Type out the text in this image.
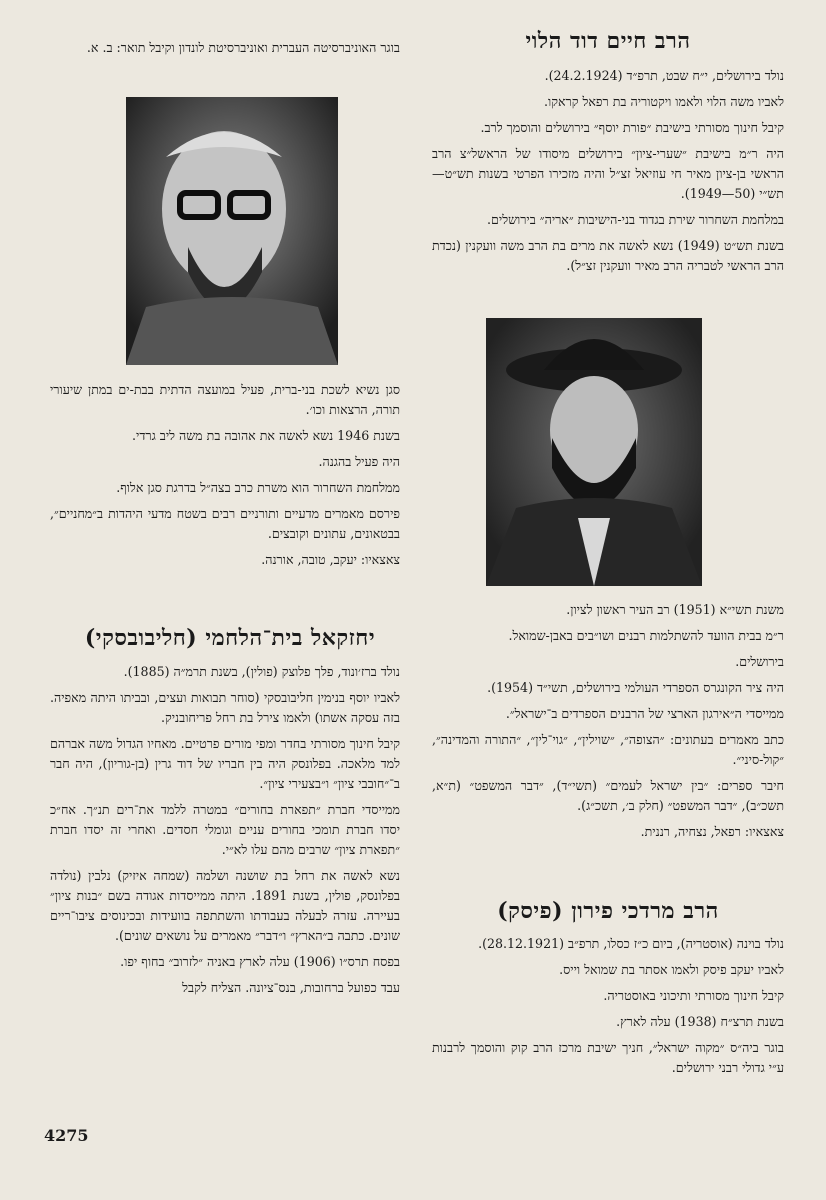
הרב חיים דוד הלוי

נולד בירושלים, י״ח שבט, תרפ״ד (24.2.1924).

לאביו משה הלוי ולאמו ויקטוריה בת רפאל קראקו.

קיבל חינוך מסורתי בישיבת ״פורת יוסף״ בירושלים והוסמך לרב.

היה ר״מ בישיבת ״שערי-ציון״ בירושלים מיסודו של הראשל״צ הרב הראשי בן-ציון מאיר חי עוזיאל זצ״ל והיה מזכירו הפרטי בשנות תש״ט—תש״י (50—1949).

במלחמת השחרור שירת בגדוד בני-הישיבות ״אריה״ בירושלים.

בשנת תש״ט (1949) נשא לאשה את מרים בת הרב משה וועקנין (נכדת הרב הראשי לטבריה הרב מאיר וועקנין זצ״ל).

משנת תשי״א (1951) רב העיר ראשון לציון.

ר״מ בבית הוועד להשתלמות רבנים ושו״בים באבן-שמואל.

בירושלים.

היה ציר הקונגרס הספרדי העולמי בירושלים, תשי״ד (1954).

ממייסדי ה״אירגון הארצי של הרבנים הספרדים ב־ישראל״.

כתב מאמרים בעתונים: ״הצופה״, ״שוילין״, ״גוי־לין״, ״התורה והמדינה״, ״קול-סיני״.

חיבר ספרים: ״בין ישראל לעמים״ (תשי״ד), ״דבר המשפט״ (ת״א, תשכ״ב), ״דבר המשפט״ (חלק ב׳, תשכ״ג).

צאצאיו: רפאל, נצחיה, רננית.

בוגר האוניברסיטה העברית ואוניברסיטת לונדון וקיבל תואר: ב. א.

סגן נשיא לשכת בני-ברית, פעיל במועצה הדתית בבת-ים במתן שיעורי תורה, הרצאות וכו׳.

בשנת 1946 נשא לאשה את אהובה בת משה ליב גרדי.

היה פעיל בהגנה.

ממלחמת השחרור הוא משרת כרב בצה״ל בדרגת סגן אלוף.

פירסם מאמרים מדעיים ותורניים רבים בשטח מדעי היהדות ב״מחניים״, בבטאונים, עתונים וקובצים.

צאצאיו: יעקב, טובה, אורנה.

יחזקאל בית־הלחמי (חליבובסקי)

נולד ברז׳ונוד, פלך פלוצק (פולין), בשנת תרמ״ה (1885).

לאביו יוסף בנימין חליבובסקי (סוחר תבואות ועצים, ובביתו היתה מאפיה. בזה עסקה אשתו) ולאמו צירל בת רחל פריחובניק.

קיבל חינוך מסורתי בחדר ומפי מורים פרטיים. מאחיו הגדול משה אברהם למד מלאכה. בפלונסק היה בין חבריו של דוד גרין (בן-גוריון), היה חבר ב־״חובבי ציון״ ו״בצעירי ציון״.

ממייסדי חברת ״תפארת בחורים״ במטרה ללמד את־רים תנ״ך. אח״כ יסדו חברת תומכי בחורים עניים וגומלי חסדים. ואחרי זה יסדו חברת ״תפארת ציון״ שרבים מהם עלו לא״י.

נשא לאשה את רחל בת שושנה ושלמה (שמחה איזיק) נלבין (נולדה בפלונסק, פולין, בשנת 1891. היתה ממייסדות אגודה בשם ״בנות ציון״ בעיירה. עזרה לבעלה בעבודתו והשתתפה בוועידות ובכינוסים ציבו־ריים שונים. כתבה ב״הארץ״ ו״דבר״ מאמרים על נושאים שונים).

בפסח תרס״ו (1906) עלה לארץ באניה ״לזרוב״ בחוף יפו.

עבד כפועל ברחובות, בנס־ציונה. הצליח לקבל

הרב מרדכי פירון (פיסק)

נולד בוינה (אוסטריה), ביום כ״ז כסלו, תרפ״ב (28.12.1921).

לאביו יעקב פיסק ולאמו אסתר בת שמואל וייס.

קיבל חינוך מסורתי ותיכוני באוסטריה.

בשנת תרצ״ח (1938) עלה לארץ.

בוגר ביה״ס ״מקוה ישראל״, חניך ישיבת מרכז הרב קוק והוסמך לרבנות ע״י גדולי רבני ירושלים.

4275
